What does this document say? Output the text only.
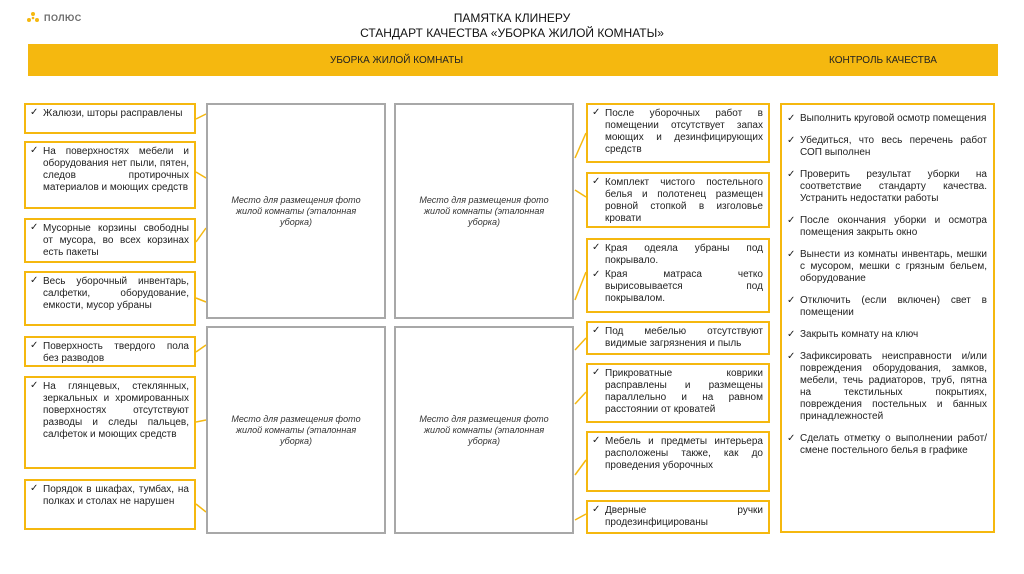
ПОЛЮС	ПАМЯТКА КЛИНЕРУ
СТАНДАРТ КАЧЕСТВА «УБОРКА ЖИЛОЙ КОМНАТЫ»
УБОРКА ЖИЛОЙ КОМНАТЫ	КОНТРОЛЬ КАЧЕСТВА
✓ Жалюзи, шторы расправлены

✓ На поверхностях мебели и оборудования нет пыли, пятен, следов протирочных материалов и моющих средств

✓ Мусорные корзины свободны от мусора, во всех корзинах есть пакеты

✓ Весь уборочный инвентарь, салфетки, оборудование, емкости, мусор убраны

✓ Поверхность твердого пола без разводов

✓ На глянцевых, стеклянных, зеркальных и хромированных поверхностях отсутствуют разводы и следы пальцев, салфеток и моющих средств

✓ Порядок в шкафах, тумбах, на полках и столах не нарушен

Место для размещения фото жилой комнаты (эталонная уборка)
Место для размещения фото жилой комнаты (эталонная уборка)
Место для размещения фото жилой комнаты (эталонная уборка)
Место для размещения фото жилой комнаты (эталонная уборка)
✓ После уборочных работ в помещении отсутствует запах моющих и дезинфицирующих средств

✓ Комплект чистого постельного белья и полотенец размещен ровной стопкой в изголовье кровати

✓ Края одеяла убраны под покрывало.

✓ Края матраса четко вырисовывается под покрывалом.

✓ Под мебелью отсутствуют видимые загрязнения и пыль

✓ Прикроватные коврики расправлены и размещены параллельно и на равном расстоянии от кроватей

✓ Мебель и предметы интерьера расположены также, как до проведения уборочных

✓ Дверные ручки продезинфицированы

✓ Выполнить круговой осмотр помещения
✓ Убедиться, что весь перечень работ СОП выполнен
✓ Проверить результат уборки на соответствие стандарту качества. Устранить недостатки работы
✓ После окончания уборки и осмотра помещения закрыть окно
✓ Вынести из комнаты инвентарь, мешки с мусором, мешки с грязным бельем, оборудование
✓ Отключить (если включен) свет в помещении
✓ Закрыть комнату на ключ
✓ Зафиксировать неисправности и/или повреждения оборудования, замков, мебели, течь радиаторов, труб, пятна на текстильных покрытиях, повреждения постельных и банных принадлежностей
✓ Сделать отметку о выполнении работ/смене постельного белья в графике
